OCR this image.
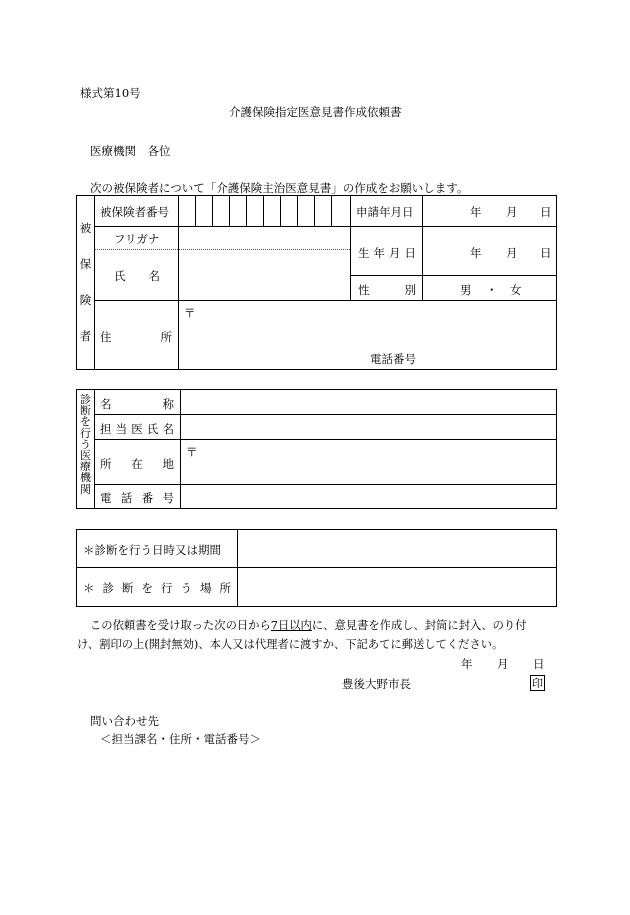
様式第10号
介護保険指定医意見書作成依頼書
医療機関　各位
次の被保険者について「介護保険主治医意見書」の作成をお願いします。
被
保
険
者
被保険者番号	申請年月日	年 月 日
フリガナ
氏 名
生 年 月 日	年 月 日
性	別	男 ・ 女
住	所
〒
電話番号
診
断
を
行
う
医
療
機
関
名	称
担 当 医 氏 名
所 在 地
〒
電 話 番 号
＊診断を行う日時又は期間
＊ 診 断 を 行 う 場 所
この依頼書を受け取った次の日から7日以内に、意見書を作成し、封筒に封入、のり付
け、割印の上(開封無効)、本人又は代理者に渡すか、下記あてに郵送してください。
年 月 日
豊後大野市長	印
問い合わせ先
＜担当課名・住所・電話番号＞
